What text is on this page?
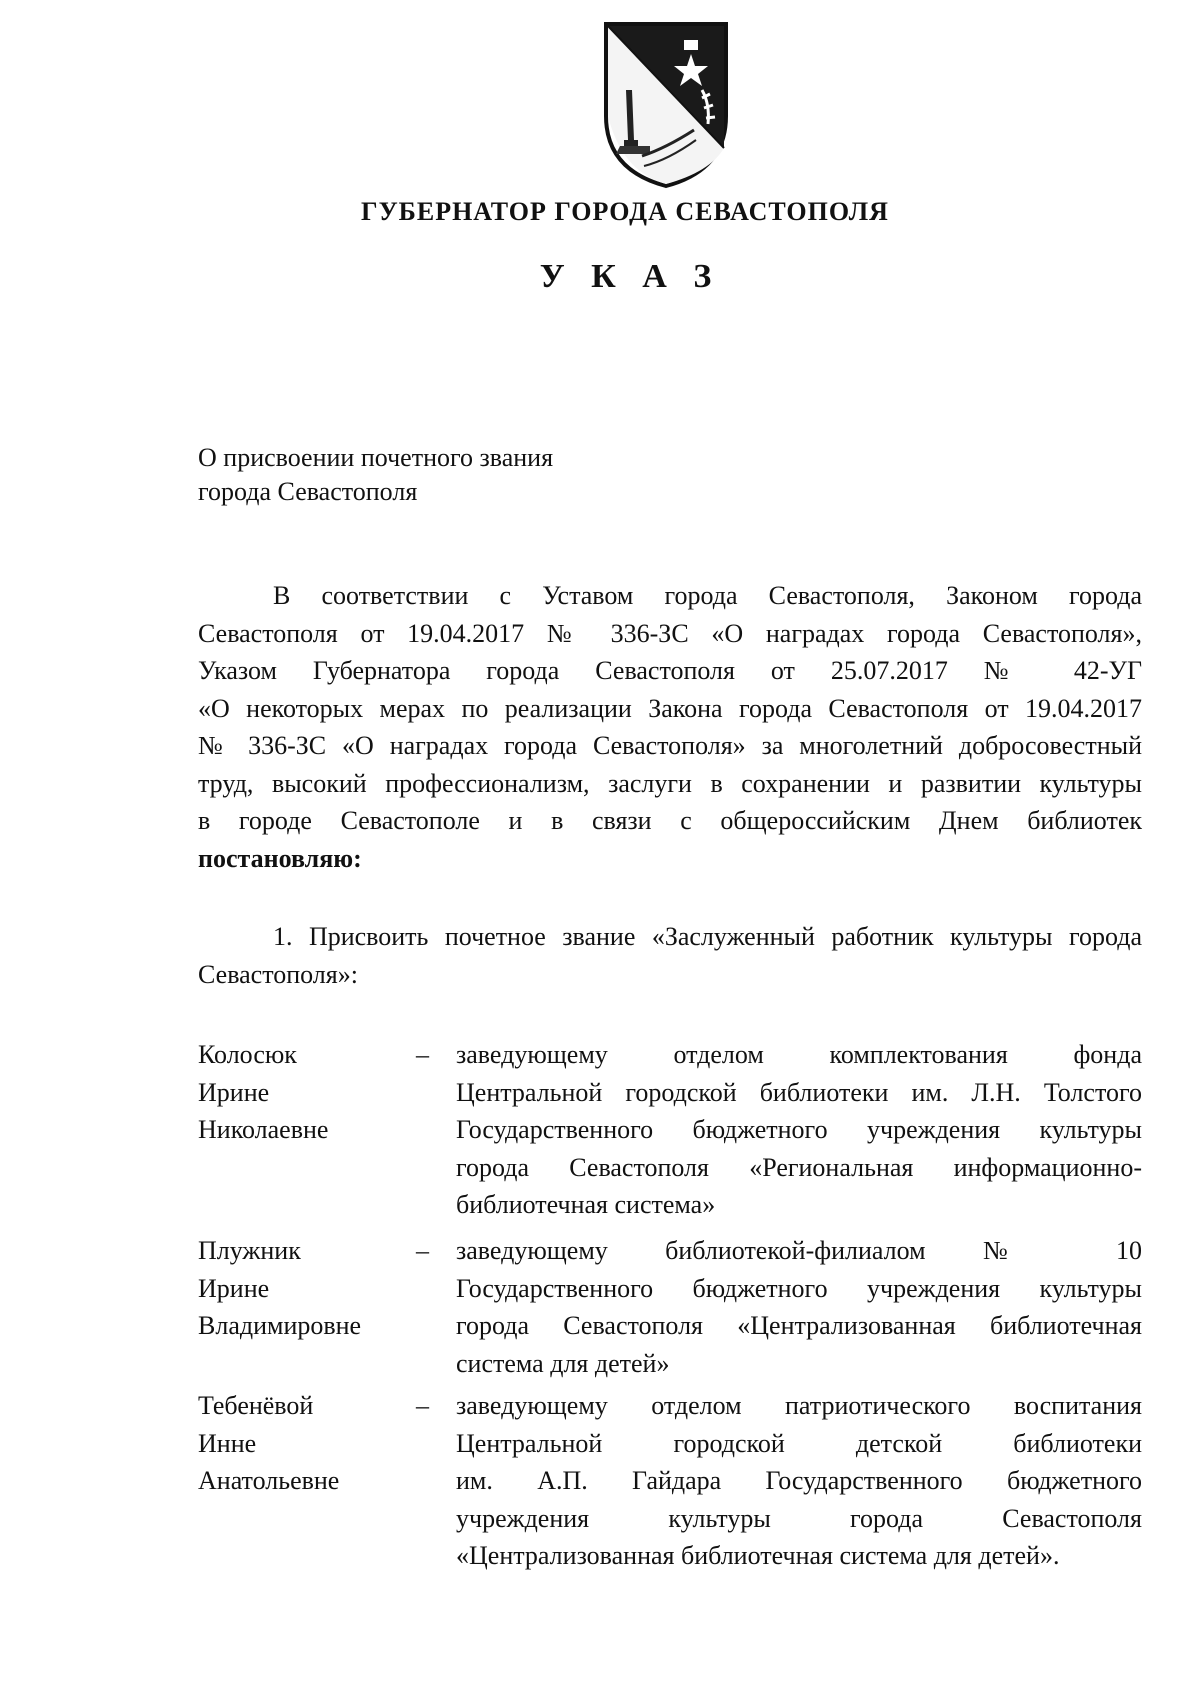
ГУБЕРНАТОР ГОРОДА СЕВАСТОПОЛЯ
У К А З
О присвоении почетного звания
города Севастополя

В соответствии с Уставом города Севастополя, Законом города

Севастополя от 19.04.2017 № 336-ЗС «О наградах города Севастополя»,

Указом Губернатора города Севастополя от 25.07.2017 № 42-УГ

«О некоторых мерах по реализации Закона города Севастополя от 19.04.2017

№ 336-ЗС «О наградах города Севастополя» за многолетний добросовестный

труд, высокий профессионализм, заслуги в сохранении и развитии культуры

в городе Севастополе и в связи с общероссийским Днем библиотек

постановляю:

1. Присвоить почетное звание «Заслуженный работник культуры города

Севастополя»:

Колосюк
Ирине
Николаевне
– заведующему отделом комплектования фонда

Центральной городской библиотеки им. Л.Н. Толстого

Государственного бюджетного учреждения культуры

города Севастополя «Региональная информационно-

библиотечная система»

Плужник
Ирине
Владимировне
– заведующему библиотекой-филиалом № 10

Государственного бюджетного учреждения культуры

города Севастополя «Централизованная библиотечная

система для детей»

Тебенёвой
Инне
Анатольевне
– заведующему отделом патриотического воспитания

Центральной городской детской библиотеки

им. А.П. Гайдара Государственного бюджетного

учреждения культуры города Севастополя

«Централизованная библиотечная система для детей».
